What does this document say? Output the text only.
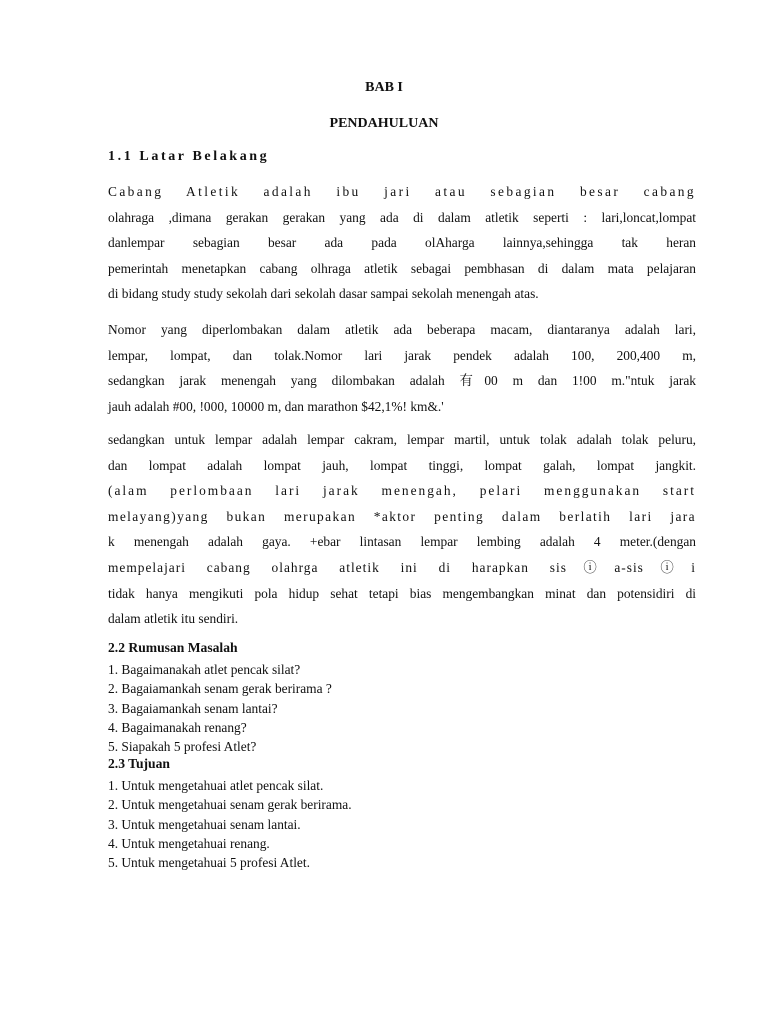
BAB I
PENDAHULUAN
1.1 Latar Belakang
Cabang Atletik adalah ibu jari atau sebagian besar cabang
olahraga ,dimana gerakan gerakan yang ada di dalam atletik seperti : lari,loncat,lompat
danlempar sebagian besar ada pada olAharga lainnya,sehingga tak heran
pemerintah menetapkan cabang olhraga atletik sebagai pembhasan di dalam mata pelajaran
di bidang study study sekolah dari sekolah dasar sampai sekolah menengah atas.
Nomor yang diperlombakan dalam atletik ada beberapa macam, diantaranya adalah lari,
lempar, lompat, dan tolak.Nomor lari jarak pendek adalah 100, 200,400 m,
sedangkan jarak menengah yang dilombakan adalah 有00 m dan 1!00 m."ntuk jarak
jauh adalah #00, !000, 10000 m, dan marathon $42,1%! km&.'
sedangkan untuk lempar adalah lempar cakram, lempar martil, untuk tolak adalah tolak peluru,
dan lompat adalah lompat jauh, lompat tinggi, lompat galah, lompat jangkit.
(alam perlombaan lari jarak menengah, pelari menggunakan start
melayang)yang bukan merupakan *aktor penting dalam berlatih lari jara
k menengah adalah gaya. +ebar lintasan lempar lembing adalah 4 meter.(dengan
mempelajari cabang olahrga atletik ini di harapkan sisⓘa-sisⓘi
tidak hanya mengikuti pola hidup sehat tetapi bias mengembangkan minat dan potensidiri di
dalam atletik itu sendiri.
2.2 Rumusan Masalah
1. Bagaimanakah atlet pencak silat?
2. Bagaiamankah senam gerak berirama ?
3. Bagaiamankah senam lantai?
4. Bagaimanakah renang?
5. Siapakah 5 profesi Atlet?
2.3 Tujuan
1. Untuk mengetahuai atlet pencak silat.
2. Untuk mengetahuai senam gerak berirama.
3. Untuk mengetahuai senam lantai.
4. Untuk mengetahuai renang.
5. Untuk mengetahuai 5 profesi Atlet.
